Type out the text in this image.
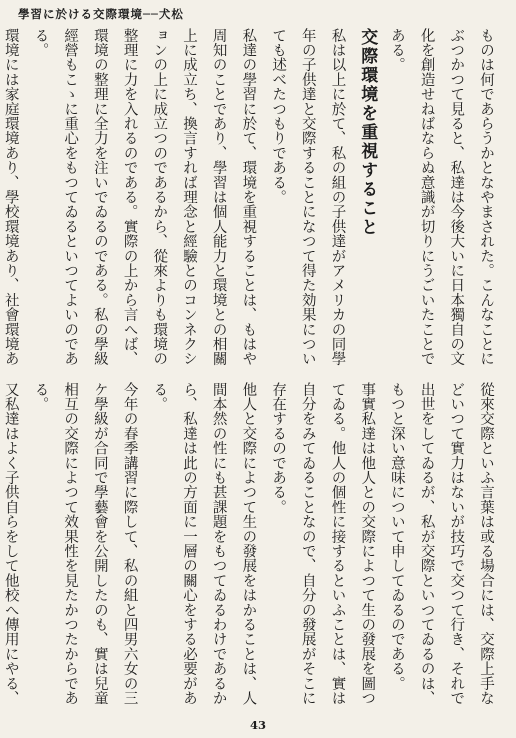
學習に於ける交際環境──犬松

ものは何であらうかとなやまされた。こんなことにぶつかつて見ると、私達は今後大いに日本獨自の文化を創造せねばならぬ意識が切りにうごいたことである。

交際環境を重視すること

私は以上に於て、私の組の子供達がアメリカの同學年の子供達と交際することになつて得た効果についても述べたつもりである。

私達の學習に於て、環境を重視することは、もはや周知のことであり、學習は個人能力と環境との相關上に成立ち、換言すれば理念と經驗とのコンネクションの上に成立つのであるから、從來よりも環境の整理に力を入れるのである。實際の上から言へば、環境の整理に全力を注いでゐるのである。私の學級經營もこゝに重心をもつてゐるといつてよいのである。

環境には家庭環境あり、學校環境あり、社會環境あ

從來交際といふ言葉は或る場合には、交際上手などいつて實力はないが技巧で交つて行き、それで出世をしてゐるが、私が交際といつてゐるのは、もつと深い意味について申してゐるのである。

事實私達は他人との交際によつて生の發展を圖つてゐる。他人の個性に接するといふことは、實は自分をみてゐることなので、自分の發展がそこに存在するのである。

他人と交際によつて生の發展をはかることは、人間本然の性にも甚課題をもつてゐるわけであるから、私達は此の方面に一層の關心をする必要がある。

今年の春季講習に際して、私の組と四男六女の三ケ學級が合同で學藝會を公開したのも、實は兒童相互の交際によつて效果性を見たかつたからである。

又私達はよく子供自らをして他校へ傳用にやる、

43
